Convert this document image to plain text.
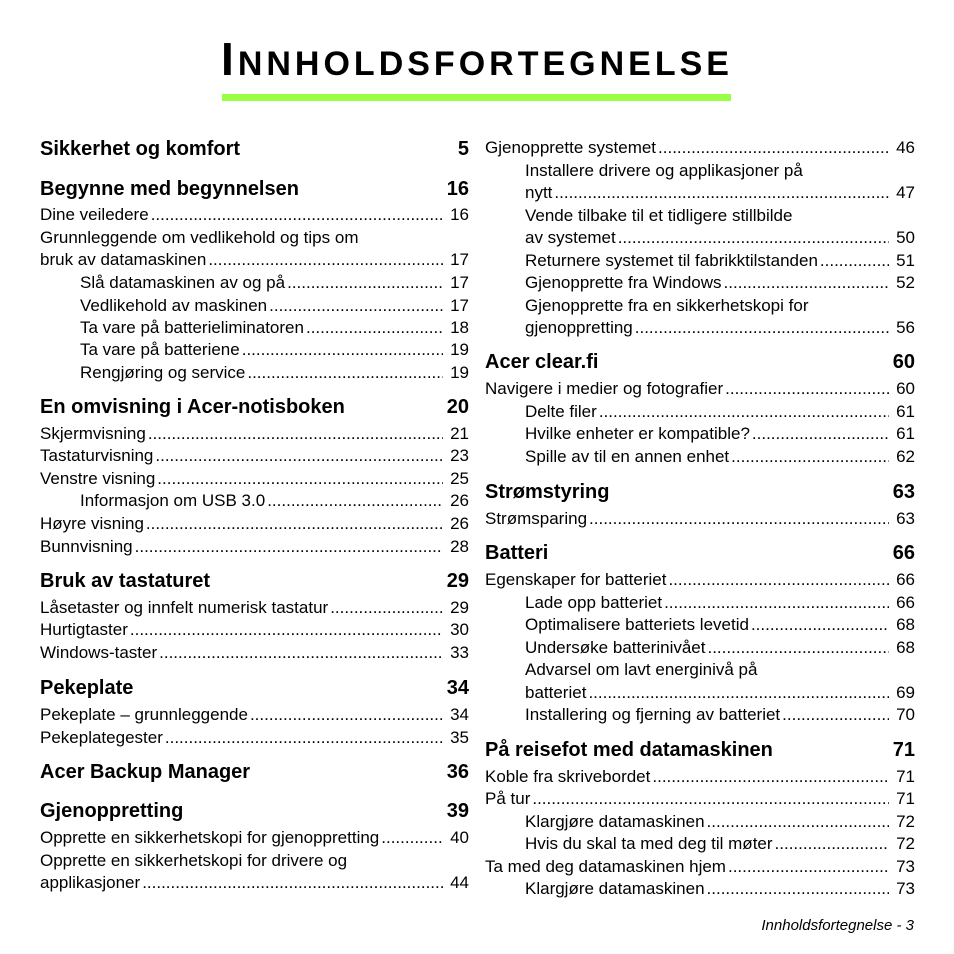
INNHOLDSFORTEGNELSE
Sikkerhet og komfort	5
Begynne med begynnelsen	16
Dine veiledere .....	16
Grunnleggende om vedlikehold og tips om
bruk av datamaskinen .....	17
Slå datamaskinen av og på .....	17
Vedlikehold av maskinen .....	17
Ta vare på batterieliminatoren .....	18
Ta vare på batteriene .....	19
Rengjøring og service .....	19
En omvisning i Acer-notisboken	20
Skjermvisning .....	21
Tastaturvisning .....	23
Venstre visning .....	25
Informasjon om USB 3.0 .....	26
Høyre visning .....	26
Bunnvisning .....	28
Bruk av tastaturet	29
Låsetaster og innfelt numerisk tastatur .....	29
Hurtigtaster .....	30
Windows-taster .....	33
Pekeplate	34
Pekeplate – grunnleggende .....	34
Pekeplategester .....	35
Acer Backup Manager	36
Gjenoppretting	39
Opprette en sikkerhetskopi for gjenoppretting .....	40
Opprette en sikkerhetskopi for drivere og
applikasjoner .....	44
Gjenopprette systemet .....	46
Installere drivere og applikasjoner på
nytt .....	47
Vende tilbake til et tidligere stillbilde
av systemet .....	50
Returnere systemet til fabrikktilstanden .....	51
Gjenopprette fra Windows .....	52
Gjenopprette fra en sikkerhetskopi for
gjenoppretting .....	56
Acer clear.fi	60
Navigere i medier og fotografier .....	60
Delte filer .....	61
Hvilke enheter er kompatible? .....	61
Spille av til en annen enhet .....	62
Strømstyring	63
Strømsparing .....	63
Batteri	66
Egenskaper for batteriet .....	66
Lade opp batteriet .....	66
Optimalisere batteriets levetid .....	68
Undersøke batterinivået .....	68
Advarsel om lavt energinivå på
batteriet .....	69
Installering og fjerning av batteriet .....	70
På reisefot med datamaskinen	71
Koble fra skrivebordet .....	71
På tur .....	71
Klargjøre datamaskinen .....	72
Hvis du skal ta med deg til møter .....	72
Ta med deg datamaskinen hjem .....	73
Klargjøre datamaskinen .....	73
Innholdsfortegnelse - 3
